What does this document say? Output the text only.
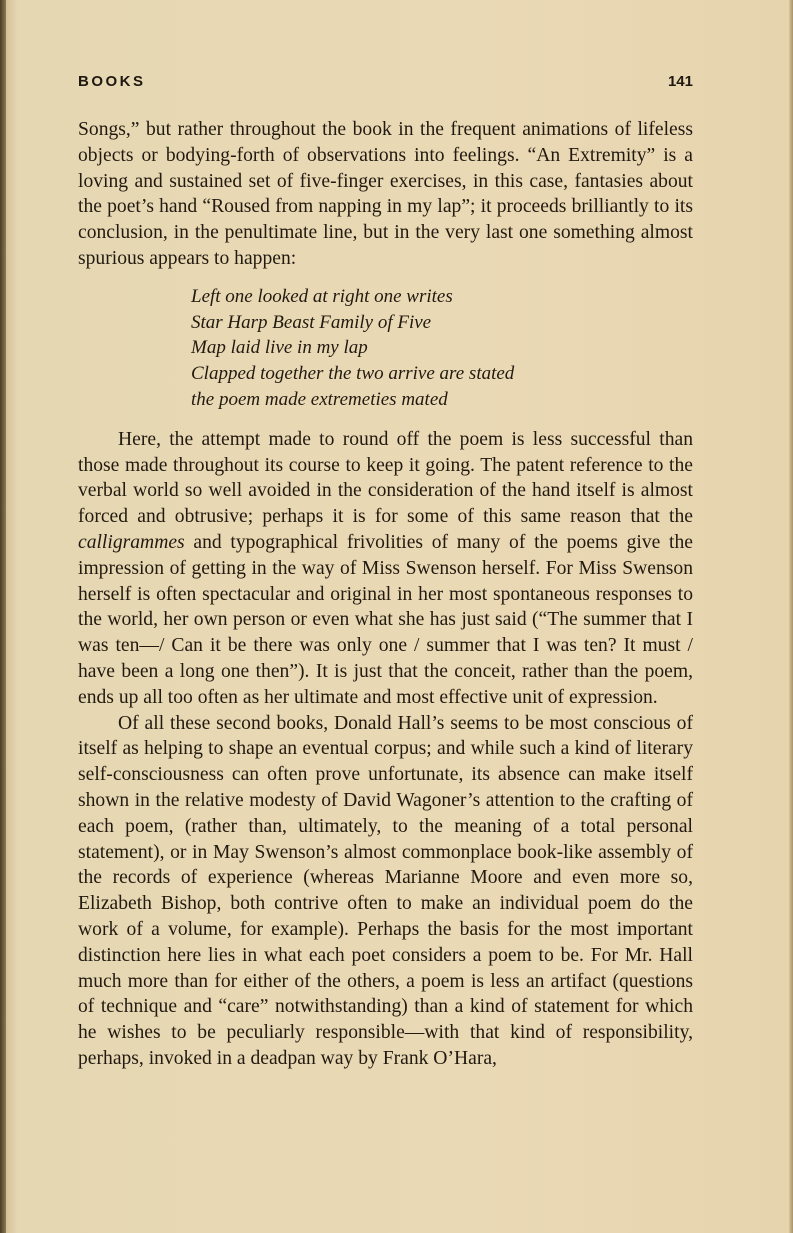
BOOKS	141

Songs,” but rather throughout the book in the frequent animations of lifeless objects or bodying-forth of observations into feelings. “An Extremity” is a loving and sustained set of five-finger exercises, in this case, fantasies about the poet’s hand “Roused from napping in my lap”; it proceeds brilliantly to its conclusion, in the penultimate line, but in the very last one something almost spurious appears to happen:

Left one looked at right one writes
Star Harp Beast Family of Five
Map laid live in my lap
Clapped together the two arrive are stated
the poem made extremeties mated

Here, the attempt made to round off the poem is less successful than those made throughout its course to keep it going. The patent reference to the verbal world so well avoided in the consideration of the hand itself is almost forced and obtrusive; perhaps it is for some of this same reason that the calligrammes and typographical frivolities of many of the poems give the impression of getting in the way of Miss Swenson herself. For Miss Swenson herself is often spectacular and original in her most spontaneous responses to the world, her own person or even what she has just said (“The summer that I was ten—/ Can it be there was only one / summer that I was ten? It must / have been a long one then”). It is just that the conceit, rather than the poem, ends up all too often as her ultimate and most effective unit of expression.

Of all these second books, Donald Hall’s seems to be most conscious of itself as helping to shape an eventual corpus; and while such a kind of literary self-consciousness can often prove unfortunate, its absence can make itself shown in the relative modesty of David Wagoner’s attention to the crafting of each poem, (rather than, ultimately, to the meaning of a total personal statement), or in May Swenson’s almost commonplace book-like assembly of the records of experience (whereas Marianne Moore and even more so, Elizabeth Bishop, both contrive often to make an individual poem do the work of a volume, for example). Perhaps the basis for the most important distinction here lies in what each poet considers a poem to be. For Mr. Hall much more than for either of the others, a poem is less an artifact (questions of technique and “care” notwithstanding) than a kind of statement for which he wishes to be peculiarly responsible—with that kind of responsibility, perhaps, invoked in a deadpan way by Frank O’Hara,
